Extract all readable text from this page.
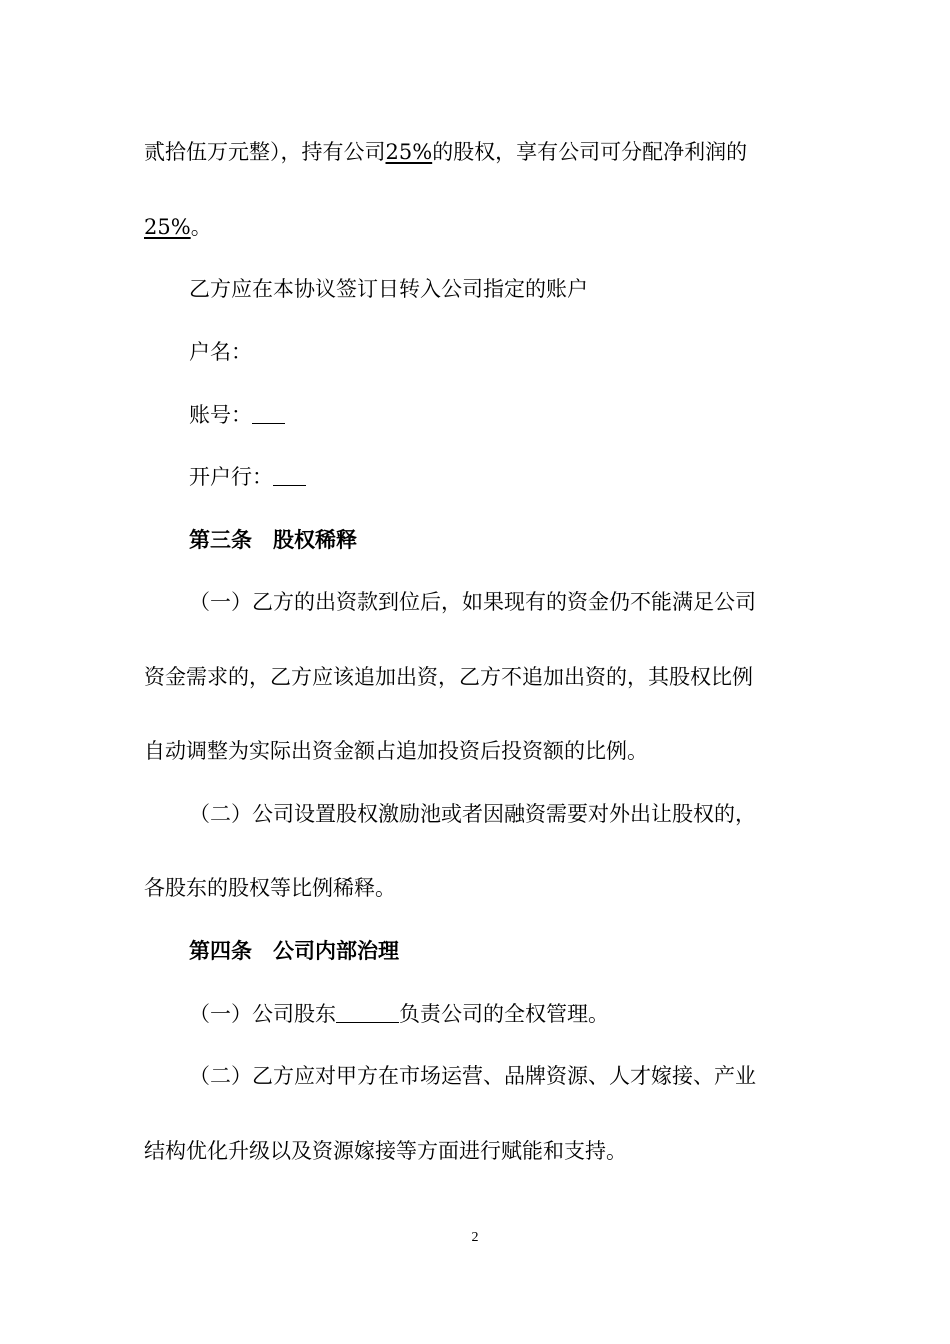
贰拾伍万元整），持有公司25%的股权，享有公司可分配净利润的

25%。

乙方应在本协议签订日转入公司指定的账户

户名：

账号：

开户行：

第三条 股权稀释

（一）乙方的出资款到位后，如果现有的资金仍不能满足公司

资金需求的，乙方应该追加出资，乙方不追加出资的，其股权比例

自动调整为实际出资金额占追加投资后投资额的比例。

（二）公司设置股权激励池或者因融资需要对外出让股权的，

各股东的股权等比例稀释。

第四条 公司内部治理

（一）公司股东	负责公司的全权管理。

（二）乙方应对甲方在市场运营、品牌资源、人才嫁接、产业

结构优化升级以及资源嫁接等方面进行赋能和支持。

2
